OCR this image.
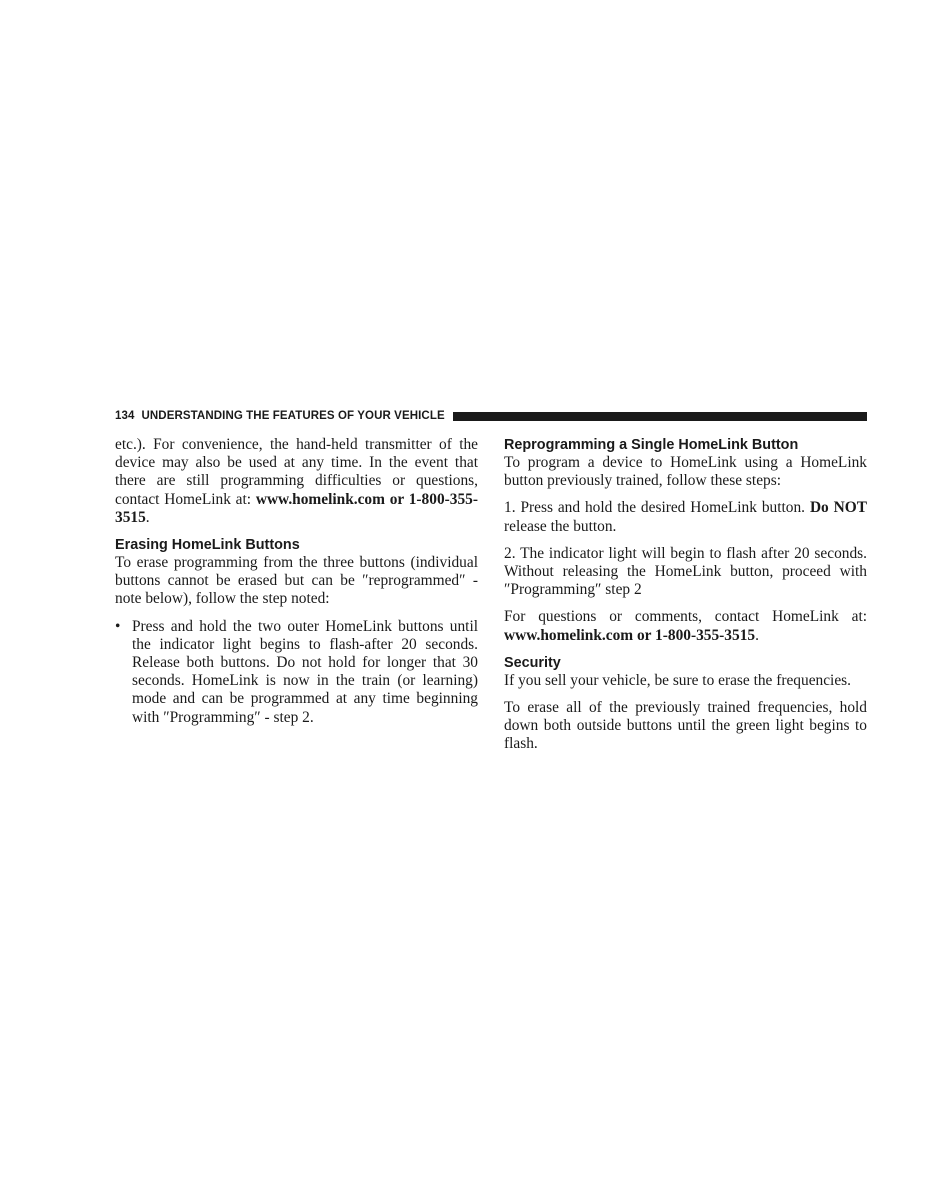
134 UNDERSTANDING THE FEATURES OF YOUR VEHICLE

etc.). For convenience, the hand-held transmitter of the device may also be used at any time. In the event that there are still programming difficulties or questions, contact HomeLink at: www.homelink.com or 1-800-355-3515.

Erasing HomeLink Buttons

To erase programming from the three buttons (individual buttons cannot be erased but can be ″reprogrammed″ - note below), follow the step noted:

• Press and hold the two outer HomeLink buttons until the indicator light begins to flash-after 20 seconds. Release both buttons. Do not hold for longer that 30 seconds. HomeLink is now in the train (or learning) mode and can be programmed at any time beginning with ″Programming″ - step 2.
Reprogramming a Single HomeLink Button

To program a device to HomeLink using a HomeLink button previously trained, follow these steps:

1. Press and hold the desired HomeLink button. Do NOT release the button.

2. The indicator light will begin to flash after 20 seconds. Without releasing the HomeLink button, proceed with ″Programming″ step 2

For questions or comments, contact HomeLink at: www.homelink.com or 1-800-355-3515.

Security

If you sell your vehicle, be sure to erase the frequencies.

To erase all of the previously trained frequencies, hold down both outside buttons until the green light begins to flash.
